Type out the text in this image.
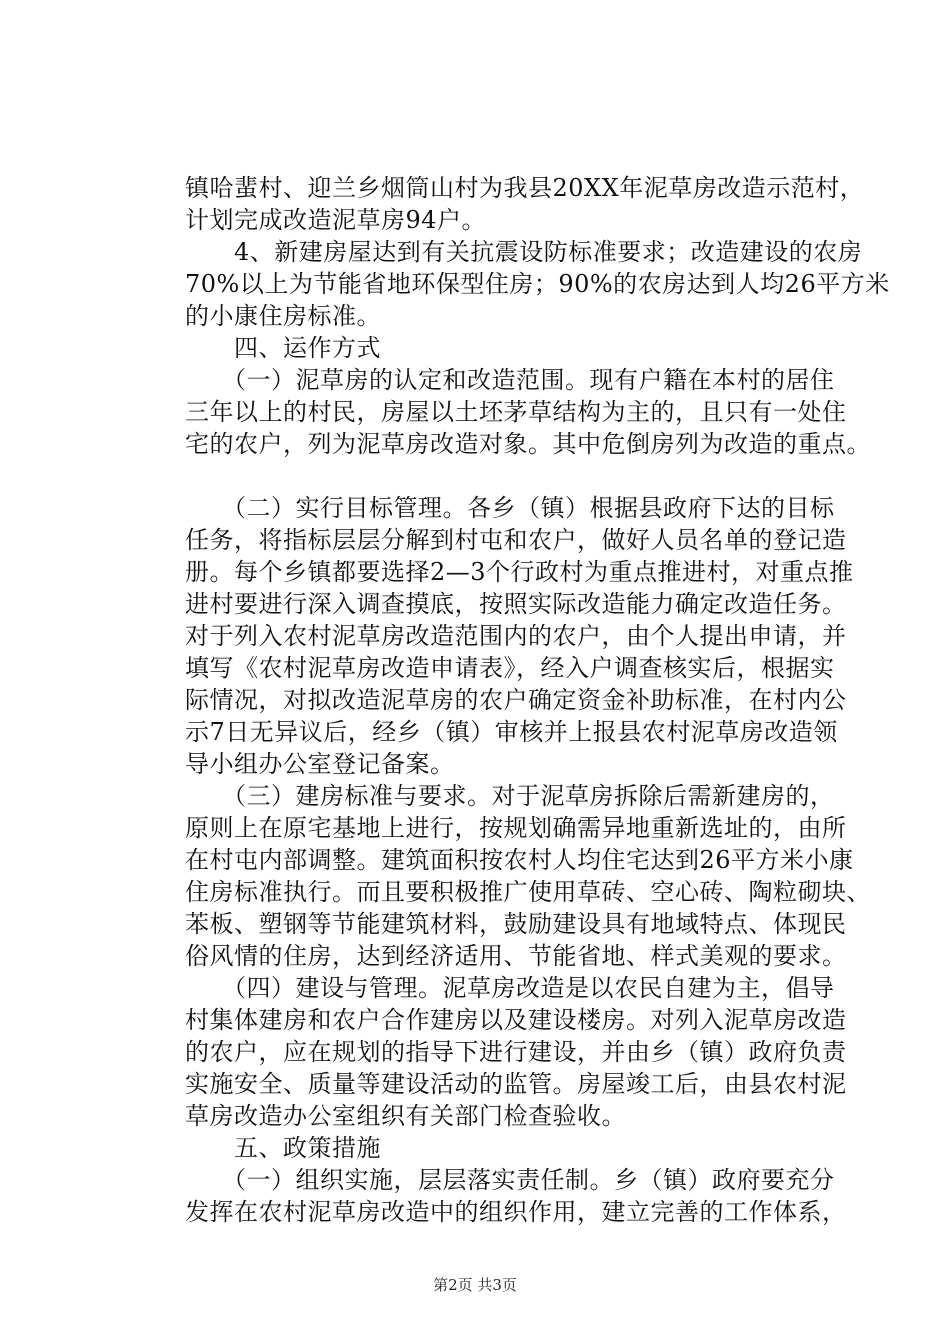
镇哈蜚村、迎兰乡烟筒山村为我县20XX年泥草房改造示范村，
计划完成改造泥草房94户。
　　4、新建房屋达到有关抗震设防标准要求；改造建设的农房
70%以上为节能省地环保型住房；90%的农房达到人均26平方米
的小康住房标准。
　　四、运作方式
　　（一）泥草房的认定和改造范围。现有户籍在本村的居住
三年以上的村民，房屋以土坯茅草结构为主的，且只有一处住
宅的农户，列为泥草房改造对象。其中危倒房列为改造的重点。
　　（二）实行目标管理。各乡（镇）根据县政府下达的目标
任务，将指标层层分解到村屯和农户，做好人员名单的登记造
册。每个乡镇都要选择2—3个行政村为重点推进村，对重点推
进村要进行深入调查摸底，按照实际改造能力确定改造任务。
对于列入农村泥草房改造范围内的农户，由个人提出申请，并
填写《农村泥草房改造申请表》，经入户调查核实后，根据实
际情况，对拟改造泥草房的农户确定资金补助标准，在村内公
示7日无异议后，经乡（镇）审核并上报县农村泥草房改造领
导小组办公室登记备案。
　　（三）建房标准与要求。对于泥草房拆除后需新建房的，
原则上在原宅基地上进行，按规划确需异地重新选址的，由所
在村屯内部调整。建筑面积按农村人均住宅达到26平方米小康
住房标准执行。而且要积极推广使用草砖、空心砖、陶粒砌块、
苯板、塑钢等节能建筑材料，鼓励建设具有地域特点、体现民
俗风情的住房，达到经济适用、节能省地、样式美观的要求。
　　（四）建设与管理。泥草房改造是以农民自建为主，倡导
村集体建房和农户合作建房以及建设楼房。对列入泥草房改造
的农户，应在规划的指导下进行建设，并由乡（镇）政府负责
实施安全、质量等建设活动的监管。房屋竣工后，由县农村泥
草房改造办公室组织有关部门检查验收。
　　五、政策措施
　　（一）组织实施，层层落实责任制。乡（镇）政府要充分
发挥在农村泥草房改造中的组织作用，建立完善的工作体系，
第2页 共3页
